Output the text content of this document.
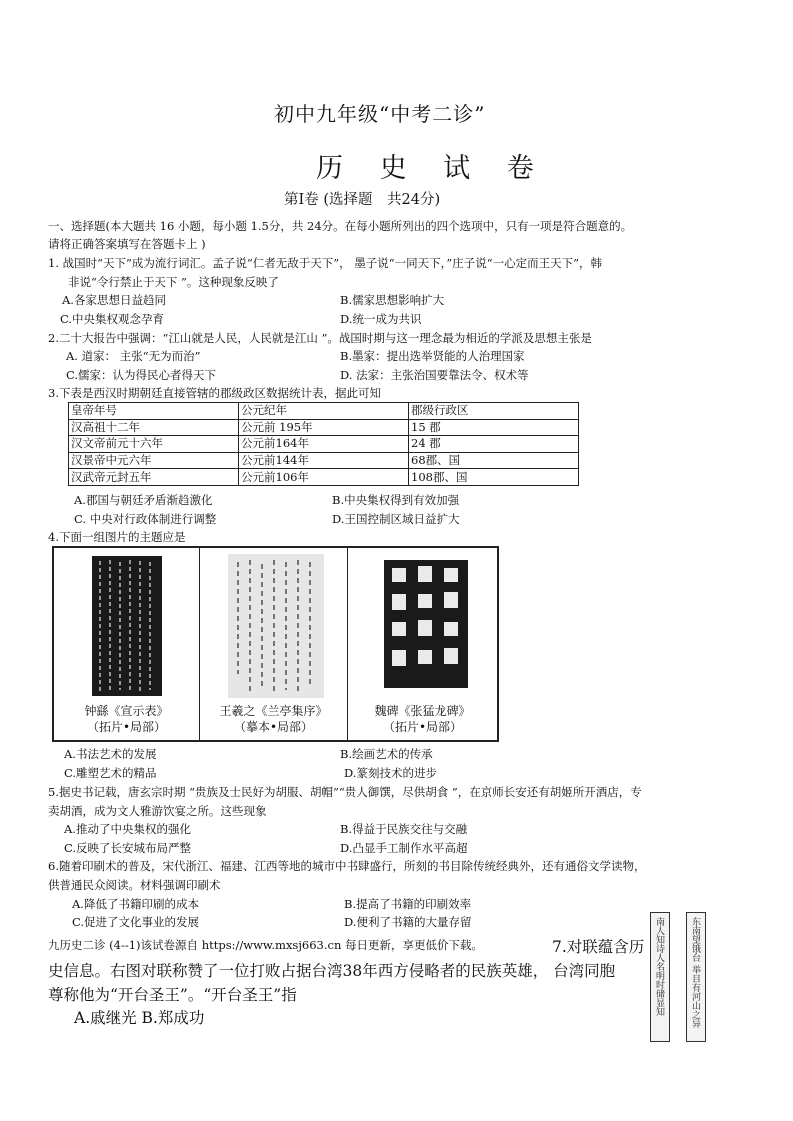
初中九年级“中考二诊”
历 史 试 卷
第Ⅰ卷 (选择题　共24分)
一、选择题(本大题共 16 小题，每小题 1.5分，共 24分。在每小题所列出的四个选项中，只有一项是符合题意的。
请将正确答案填写在答题卡上 )
1. 战国时“天下”成为流行词汇。孟子说“仁者无敌于天下”， 墨子说“一同天下，”庄子说“一心定而王天下”，韩
非说“令行禁止于天下 ”。这种现象反映了
A.各家思想日益趋同	B.儒家思想影响扩大
C.中央集权观念孕育	D.统一成为共识
2.二十大报告中强调：“江山就是人民，人民就是江山 ”。战国时期与这一理念最为相近的学派及思想主张是
A. 道家： 主张“无为而治”	B.墨家：提出选举贤能的人治理国家
C.儒家：认为得民心者得天下	D. 法家：主张治国要靠法令、权术等
3.下表是西汉时期朝廷直接管辖的郡级政区数据统计表，据此可知
皇帝年号	公元纪年	郡级行政区
汉高祖十二年	公元前 195年	15 郡
汉文帝前元十六年	公元前164年	24 郡
汉景帝中元六年	公元前144年	68郡、国
汉武帝元封五年	公元前106年	108郡、国
A.郡国与朝廷矛盾渐趋激化	B.中央集权得到有效加强
C. 中央对行政体制进行调整	D.王国控制区域日益扩大
4.下面一组图片的主题应是
钟繇《宣示表》
（拓片•局部）
王羲之《兰亭集序》
（摹本•局部）
魏碑《张猛龙碑》
（拓片•局部）
A.书法艺术的发展	B.绘画艺术的传承
C.雕塑艺术的精品	D.篆刻技术的进步
5.据史书记载，唐玄宗时期 “贵族及士民好为胡服、胡帽”“贵人御馔，尽供胡食 ”，在京师长安还有胡姬所开酒店，专
卖胡酒，成为文人雅游饮宴之所。这些现象
A.推动了中央集权的强化	B.得益于民族交往与交融
C.反映了长安城布局严整	D.凸显手工制作水平高超
6.随着印刷术的普及，宋代浙江、福建、江西等地的城市中书肆盛行，所刻的书目除传统经典外，还有通俗文学读物，
供普通民众阅读。材料强调印刷术
A.降低了书籍印刷的成本	B.提高了书籍的印刷效率
C.促进了文化事业的发展	D.便利了书籍的大量存留
九历史二诊 (4--1)该试卷源自 https://www.mxsj663.cn 每日更新，享更低价下载。	7.对联蕴含历
史信息。右图对联称赞了一位打败占据台湾38年西方侵略者的民族英雄， 台湾同胞
尊称他为“开台圣王”。“开台圣王”指
A.戚继光 B.郑成功
南人知诗人名明时储显知	东南望饿台 举目有河山之异
